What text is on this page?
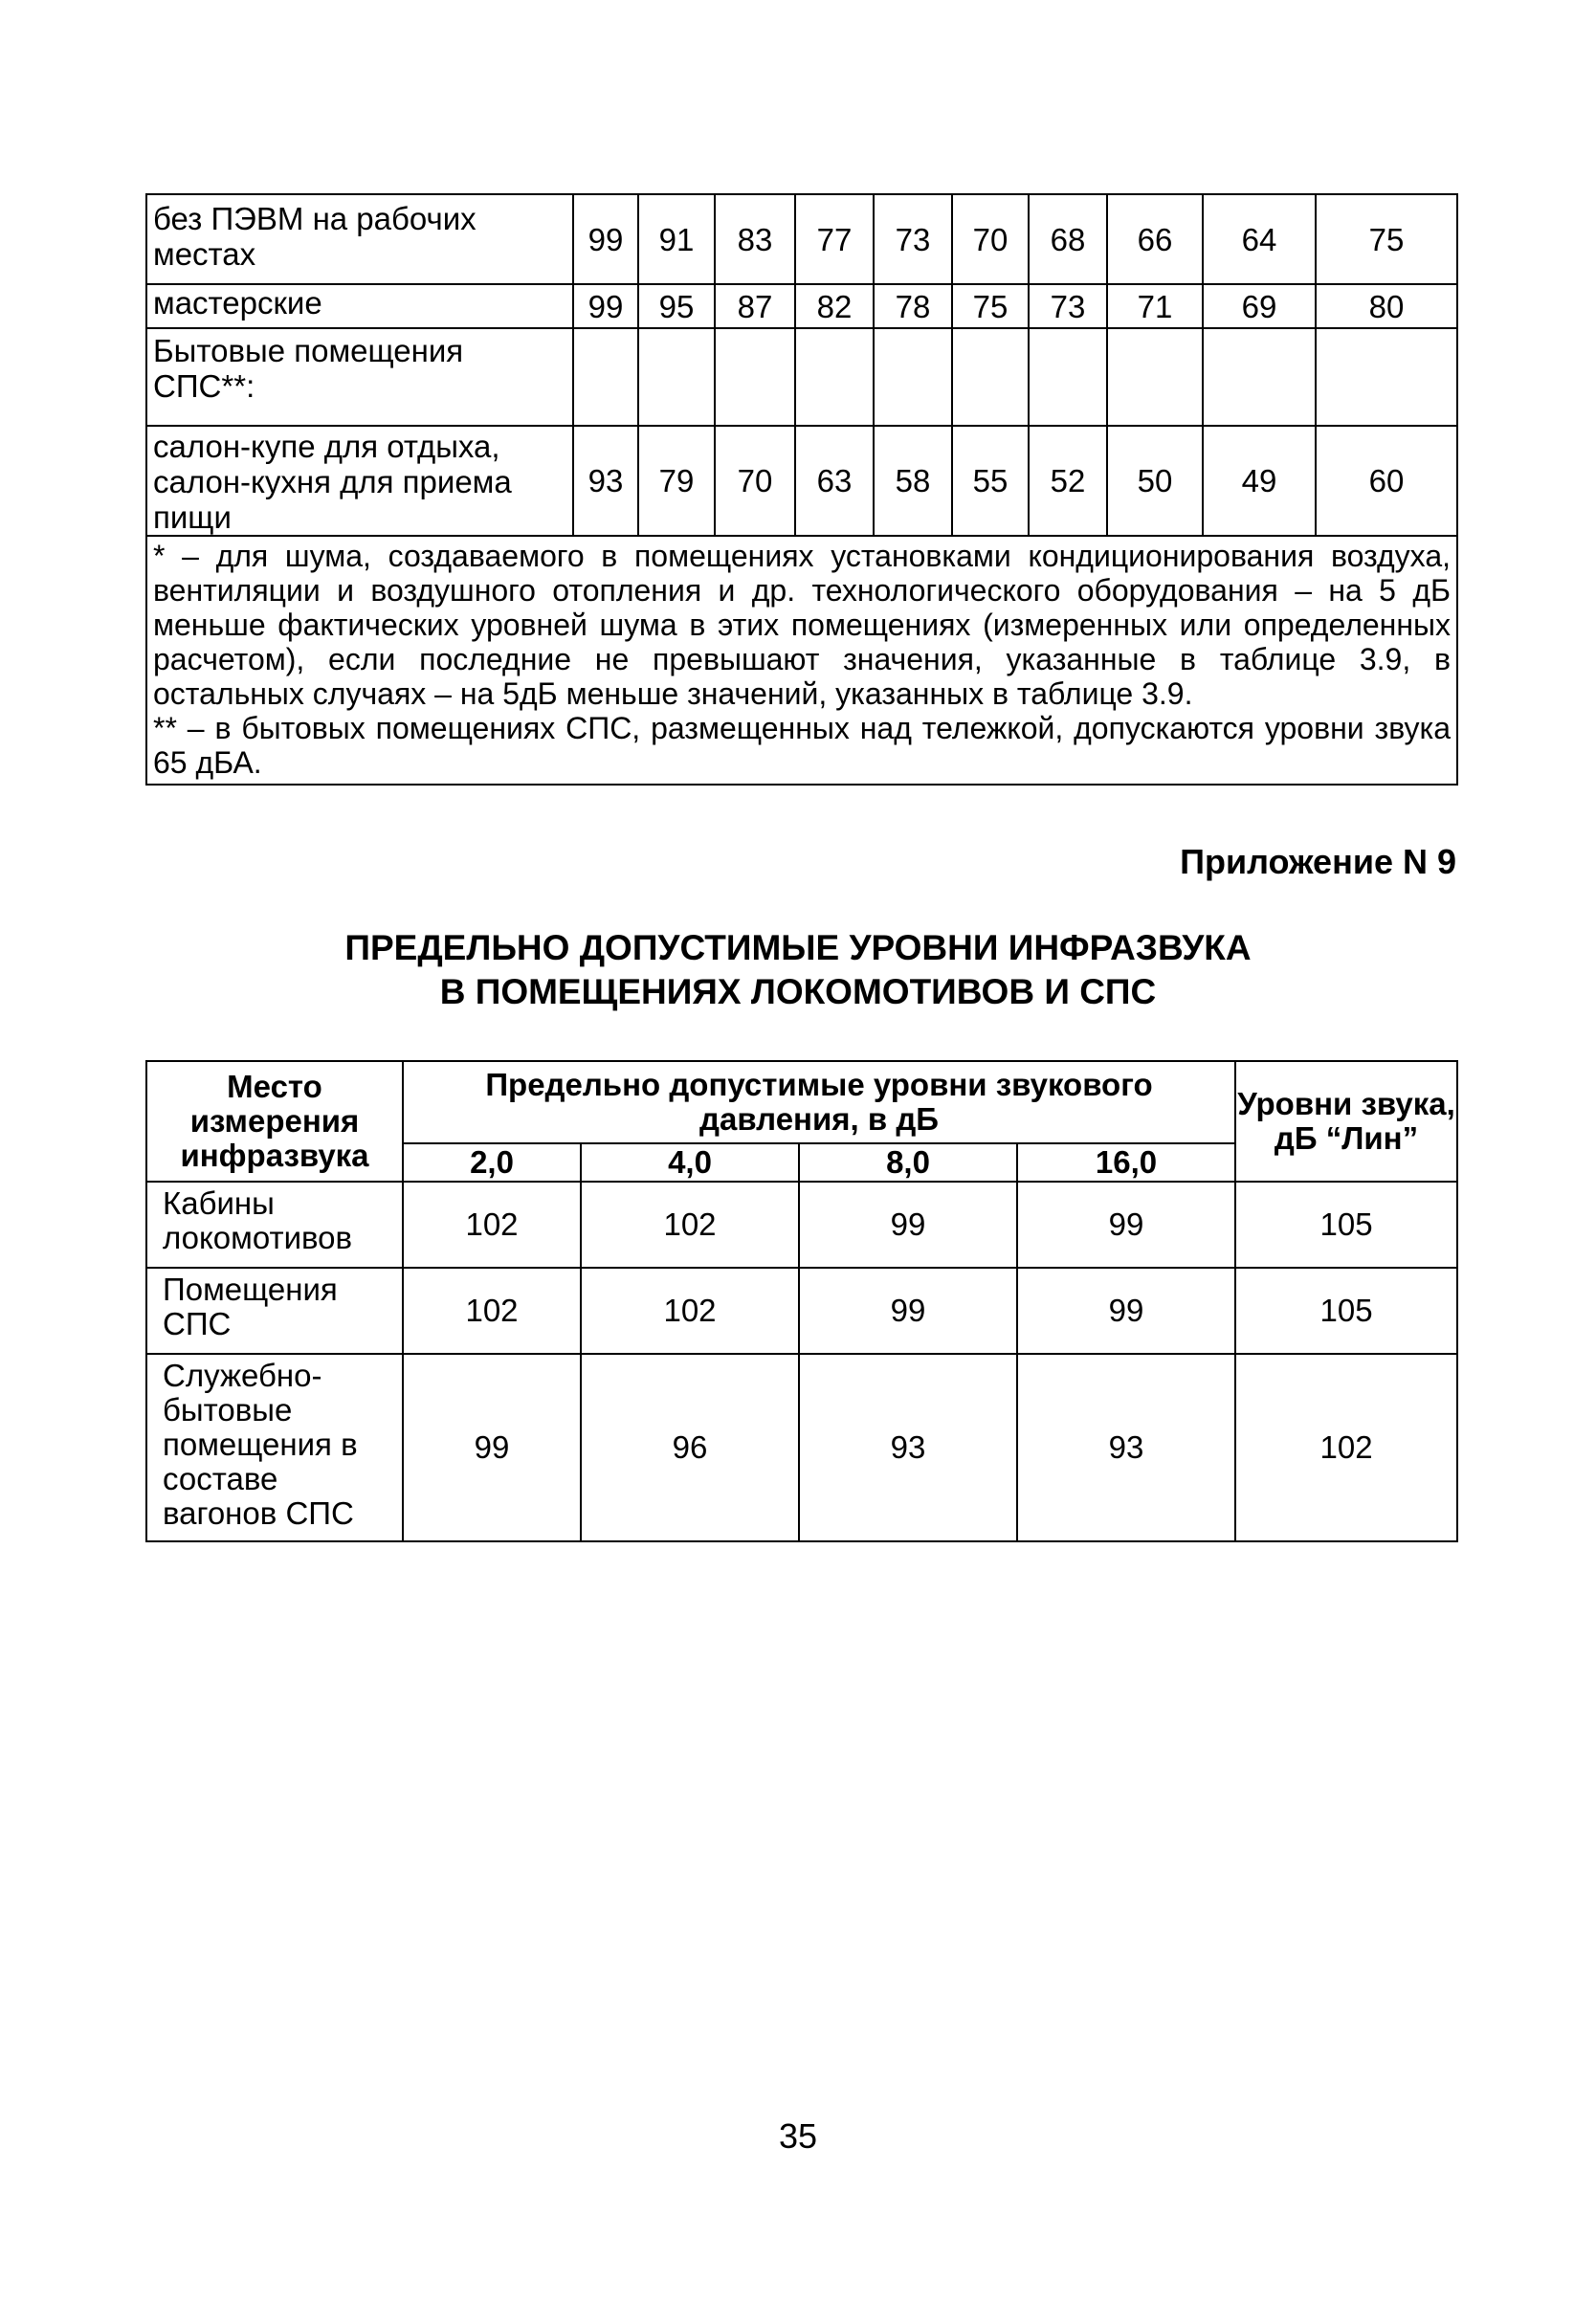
без ПЭВМ на рабочих местах	99	91	83	77	73	70	68	66	64	75
мастерские	99	95	87	82	78	75	73	71	69	80
Бытовые помещения СПС**:										
салон-купе для отдыха, салон-кухня для приема пищи	93	79	70	63	58	55	52	50	49	60

* – для шума, создаваемого в помещениях установками кондиционирования воздуха, вентиляции и воздушного отопления и др. технологического оборудования – на 5 дБ меньше фактических уровней шума в этих помещениях (измеренных или определенных расчетом), если последние не превышают значения, указанные в таблице 3.9, в остальных случаях – на 5дБ меньше значений, указанных в таблице 3.9.
** – в бытовых помещениях СПС, размещенных над тележкой, допускаются уровни звука 65 дБА.										

Приложение N 9

ПРЕДЕЛЬНО ДОПУСТИМЫЕ УРОВНИ ИНФРАЗВУКА
В ПОМЕЩЕНИЯХ ЛОКОМОТИВОВ И СПС
Место измерения инфразвука	Предельно допустимые уровни звукового давления, в дБ				Уровни звука, дБ “Лин”
	2,0	4,0	8,0	16,0	
Кабины локомотивов	102	102	99	99	105
Помещения СПС	102	102	99	99	105
Служебно-бытовые помещения в составе вагонов СПС	99	96	93	93	102

35
